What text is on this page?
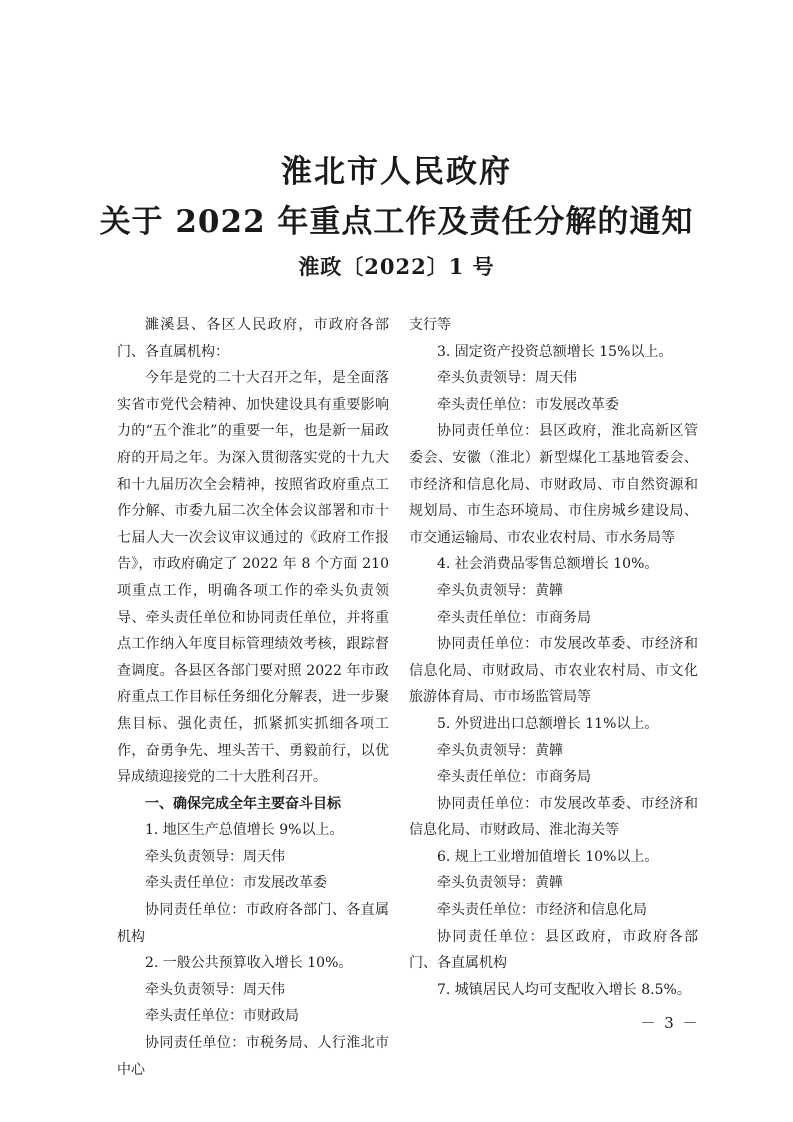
淮北市人民政府
关于 2022 年重点工作及责任分解的通知
淮政〔2022〕1 号

濉溪县、各区人民政府，市政府各部门、各直属机构：

今年是党的二十大召开之年，是全面落实省市党代会精神、加快建设具有重要影响力的“五个淮北”的重要一年，也是新一届政府的开局之年。为深入贯彻落实党的十九大和十九届历次全会精神，按照省政府重点工作分解、市委九届二次全体会议部署和市十七届人大一次会议审议通过的《政府工作报告》，市政府确定了 2022 年 8 个方面 210 项重点工作，明确各项工作的牵头负责领导、牵头责任单位和协同责任单位，并将重点工作纳入年度目标管理绩效考核，跟踪督查调度。各县区各部门要对照 2022 年市政府重点工作目标任务细化分解表，进一步聚焦目标、强化责任，抓紧抓实抓细各项工作，奋勇争先、埋头苦干、勇毅前行，以优异成绩迎接党的二十大胜利召开。

一、确保完成全年主要奋斗目标

1. 地区生产总值增长 9%以上。

牵头负责领导：周天伟

牵头责任单位：市发展改革委

协同责任单位：市政府各部门、各直属机构

2. 一般公共预算收入增长 10%。

牵头负责领导：周天伟

牵头责任单位：市财政局

协同责任单位：市税务局、人行淮北市中心

支行等

3. 固定资产投资总额增长 15%以上。

牵头负责领导：周天伟

牵头责任单位：市发展改革委

协同责任单位：县区政府，淮北高新区管委会、安徽（淮北）新型煤化工基地管委会、市经济和信息化局、市财政局、市自然资源和规划局、市生态环境局、市住房城乡建设局、市交通运输局、市农业农村局、市水务局等

4. 社会消费品零售总额增长 10%。

牵头负责领导：黄韡

牵头责任单位：市商务局

协同责任单位：市发展改革委、市经济和信息化局、市财政局、市农业农村局、市文化旅游体育局、市市场监管局等

5. 外贸进出口总额增长 11%以上。

牵头负责领导：黄韡

牵头责任单位：市商务局

协同责任单位：市发展改革委、市经济和信息化局、市财政局、淮北海关等

6. 规上工业增加值增长 10%以上。

牵头负责领导：黄韡

牵头责任单位：市经济和信息化局

协同责任单位：县区政府，市政府各部门、各直属机构

7. 城镇居民人均可支配收入增长 8.5%。

－ 3 －
